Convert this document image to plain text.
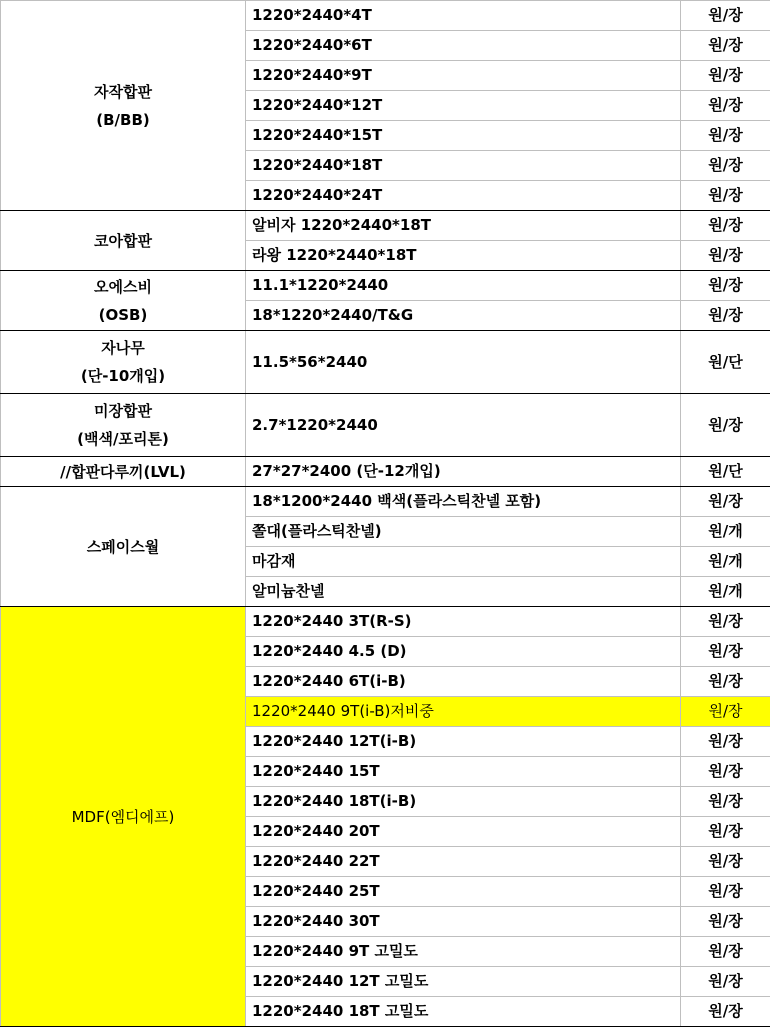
자작합판
(B/BB)	1220*2440*4T	원/장
	1220*2440*6T	원/장
	1220*2440*9T	원/장
	1220*2440*12T	원/장
	1220*2440*15T	원/장
	1220*2440*18T	원/장
	1220*2440*24T	원/장

코아합판	알비자 1220*2440*18T	원/장
	라왕 1220*2440*18T	원/장

오에스비
(OSB)	11.1*1220*2440	원/장
	18*1220*2440/T&G	원/장

자나무
(단-10개입)	11.5*56*2440	원/단

미장합판
(백색/포리톤)	2.7*1220*2440	원/장

//합판다루끼(LVL)	27*27*2400 (단-12개입)	원/단

스페이스월	18*1200*2440 백색(플라스틱찬넬 포함)	원/장
	쫄대(플라스틱찬넬)	원/개
	마감재	원/개
	알미늄찬넬	원/개

MDF(엠디에프)	1220*2440 3T(R-S)	원/장
	1220*2440 4.5 (D)	원/장
	1220*2440 6T(i-B)	원/장
	1220*2440 9T(i-B)저비중	원/장
	1220*2440 12T(i-B)	원/장
	1220*2440 15T	원/장
	1220*2440 18T(i-B)	원/장
	1220*2440 20T	원/장
	1220*2440 22T	원/장
	1220*2440 25T	원/장
	1220*2440 30T	원/장
	1220*2440 9T 고밀도	원/장
	1220*2440 12T 고밀도	원/장
	1220*2440 18T 고밀도	원/장
